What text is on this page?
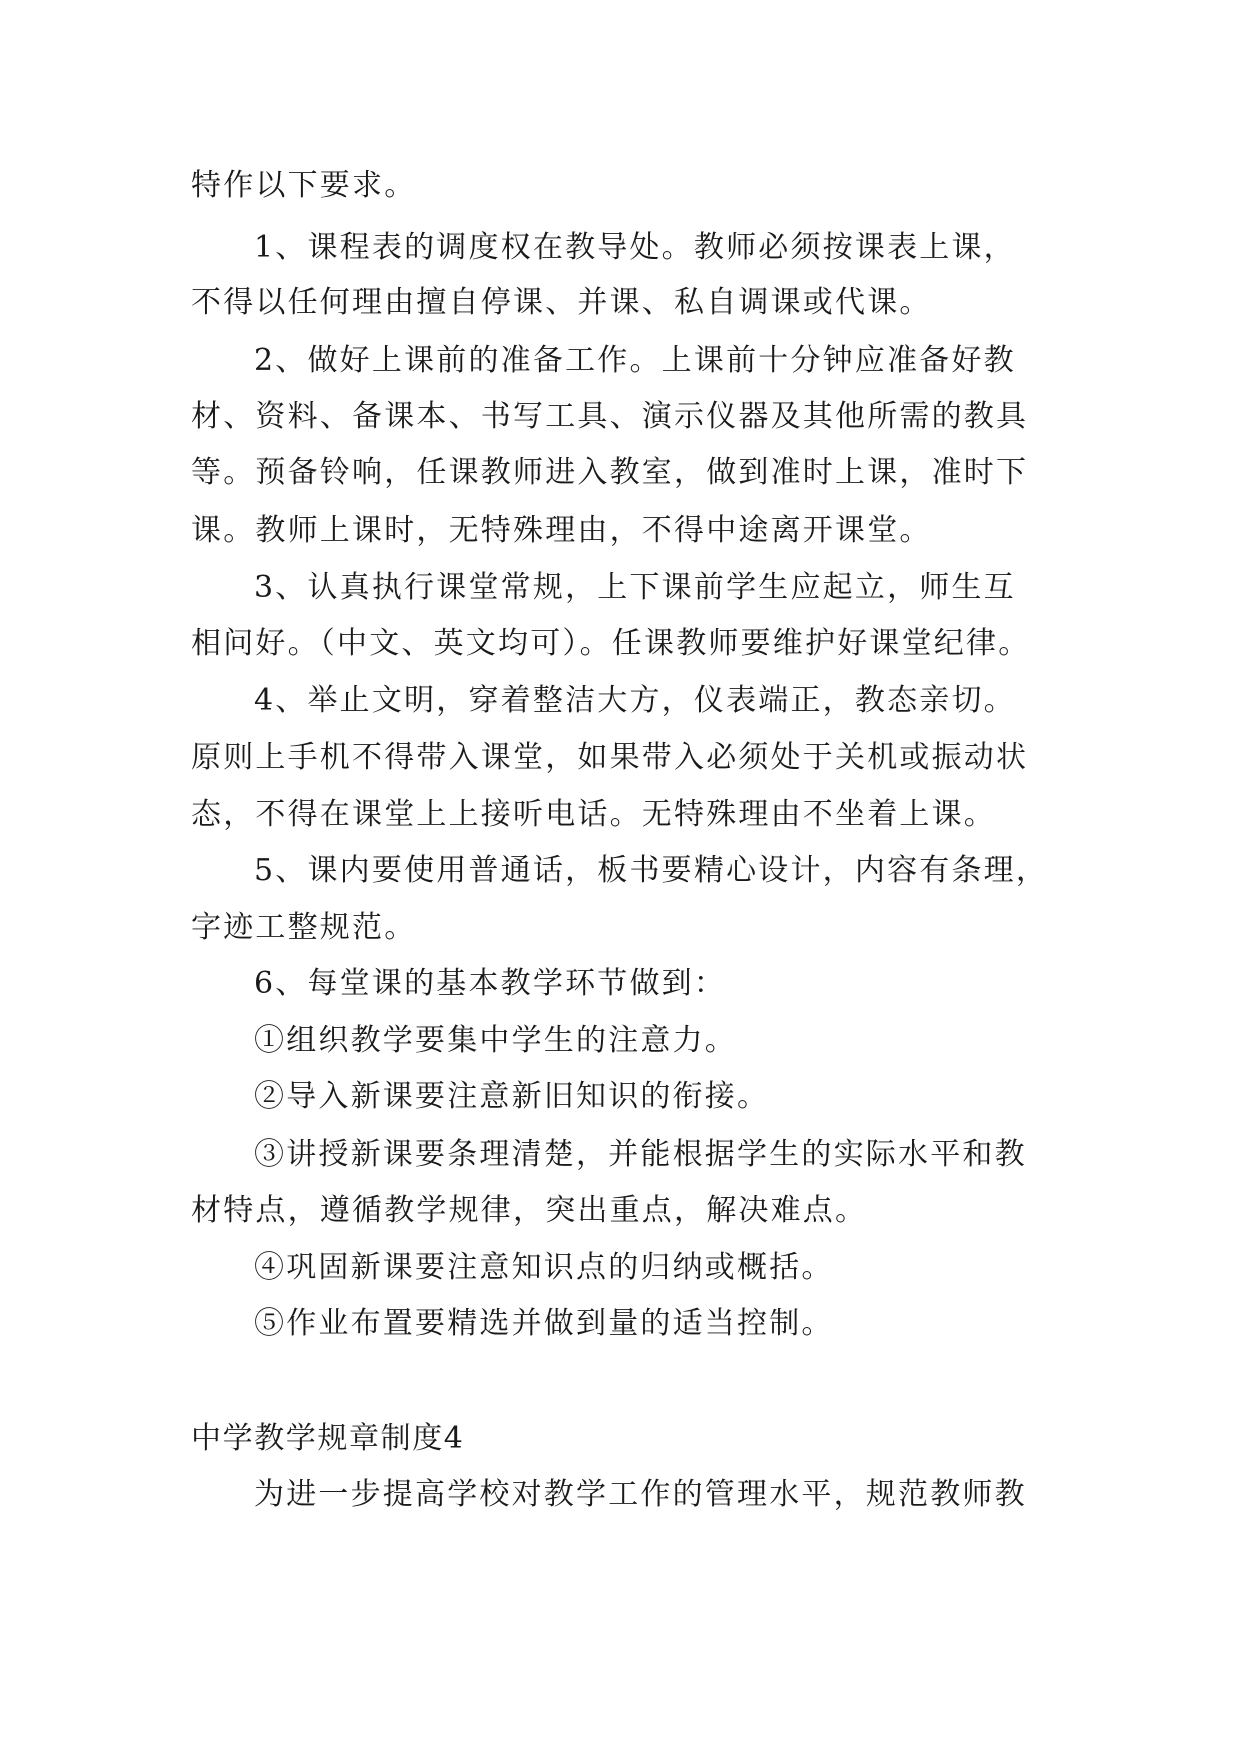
特作以下要求。
1、课程表的调度权在教导处。教师必须按课表上课，
不得以任何理由擅自停课、并课、私自调课或代课。
2、做好上课前的准备工作。上课前十分钟应准备好教
材、资料、备课本、书写工具、演示仪器及其他所需的教具
等。预备铃响，任课教师进入教室，做到准时上课，准时下
课。教师上课时，无特殊理由，不得中途离开课堂。
3、认真执行课堂常规，上下课前学生应起立，师生互
相问好。（中文、英文均可）。任课教师要维护好课堂纪律。
4、举止文明，穿着整洁大方，仪表端正，教态亲切。
原则上手机不得带入课堂，如果带入必须处于关机或振动状
态，不得在课堂上上接听电话。无特殊理由不坐着上课。
5、课内要使用普通话，板书要精心设计，内容有条理，
字迹工整规范。
6、每堂课的基本教学环节做到：
①组织教学要集中学生的注意力。
②导入新课要注意新旧知识的衔接。
③讲授新课要条理清楚，并能根据学生的实际水平和教
材特点，遵循教学规律，突出重点，解决难点。
④巩固新课要注意知识点的归纳或概括。
⑤作业布置要精选并做到量的适当控制。
中学教学规章制度4
为进一步提高学校对教学工作的管理水平，规范教师教
